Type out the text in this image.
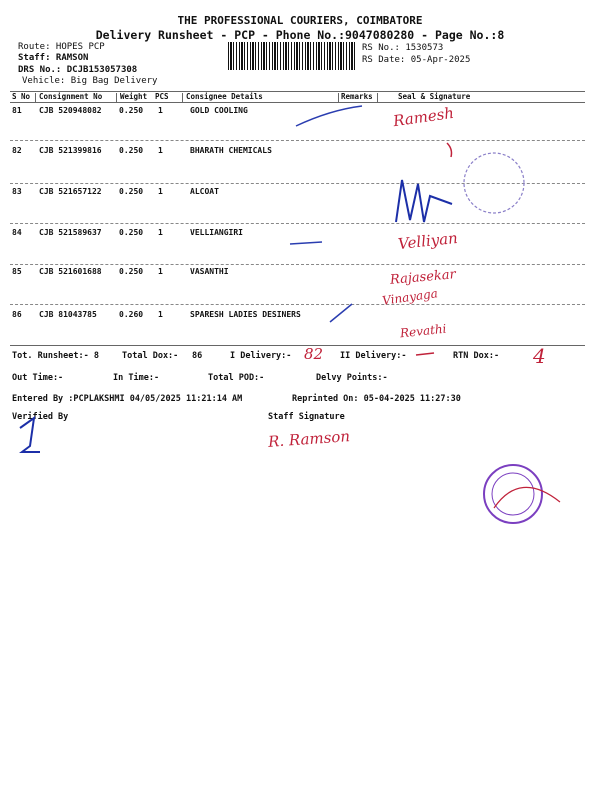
THE PROFESSIONAL COURIERS, COIMBATORE
Delivery Runsheet - PCP - Phone No.:9047080280 - Page No.:8
Route: HOPES PCP
Staff: RAMSON
DRS No.: DCJB153057308
Vehicle: Big Bag Delivery
RS No.: 1530573
RS Date: 05-Apr-2025
S No Consignment No Weight PCS Consignee Details	Remarks	Seal & Signature
81 CJB 520948082 0.250 1	GOLD COOLING
82 CJB 521399816 0.250 1	BHARATH CHEMICALS
83 CJB 521657122 0.250 1	ALCOAT
84 CJB 521589637 0.250 1	VELLIANGIRI
85 CJB 521601688 0.250 1	VASANTHI
86 CJB 81043785	0.260 1	SPARESH LADIES DESINERS
Tot. Runsheet:- 8	Total Dox:- 86	I Delivery:-	II Delivery:-	RTN Dox:-
Out Time:-	In Time:-	Total POD:-	Delvy Points:-
Entered By :PCPLAKSHMI 04/05/2025 11:21:14 AM	Reprinted On: 05-04-2025 11:27:30
Verified By	Staff Signature
Ramesh
Velliyan
Rajasekar
Vinayaga
Revathi
82	4
R. Ramson
